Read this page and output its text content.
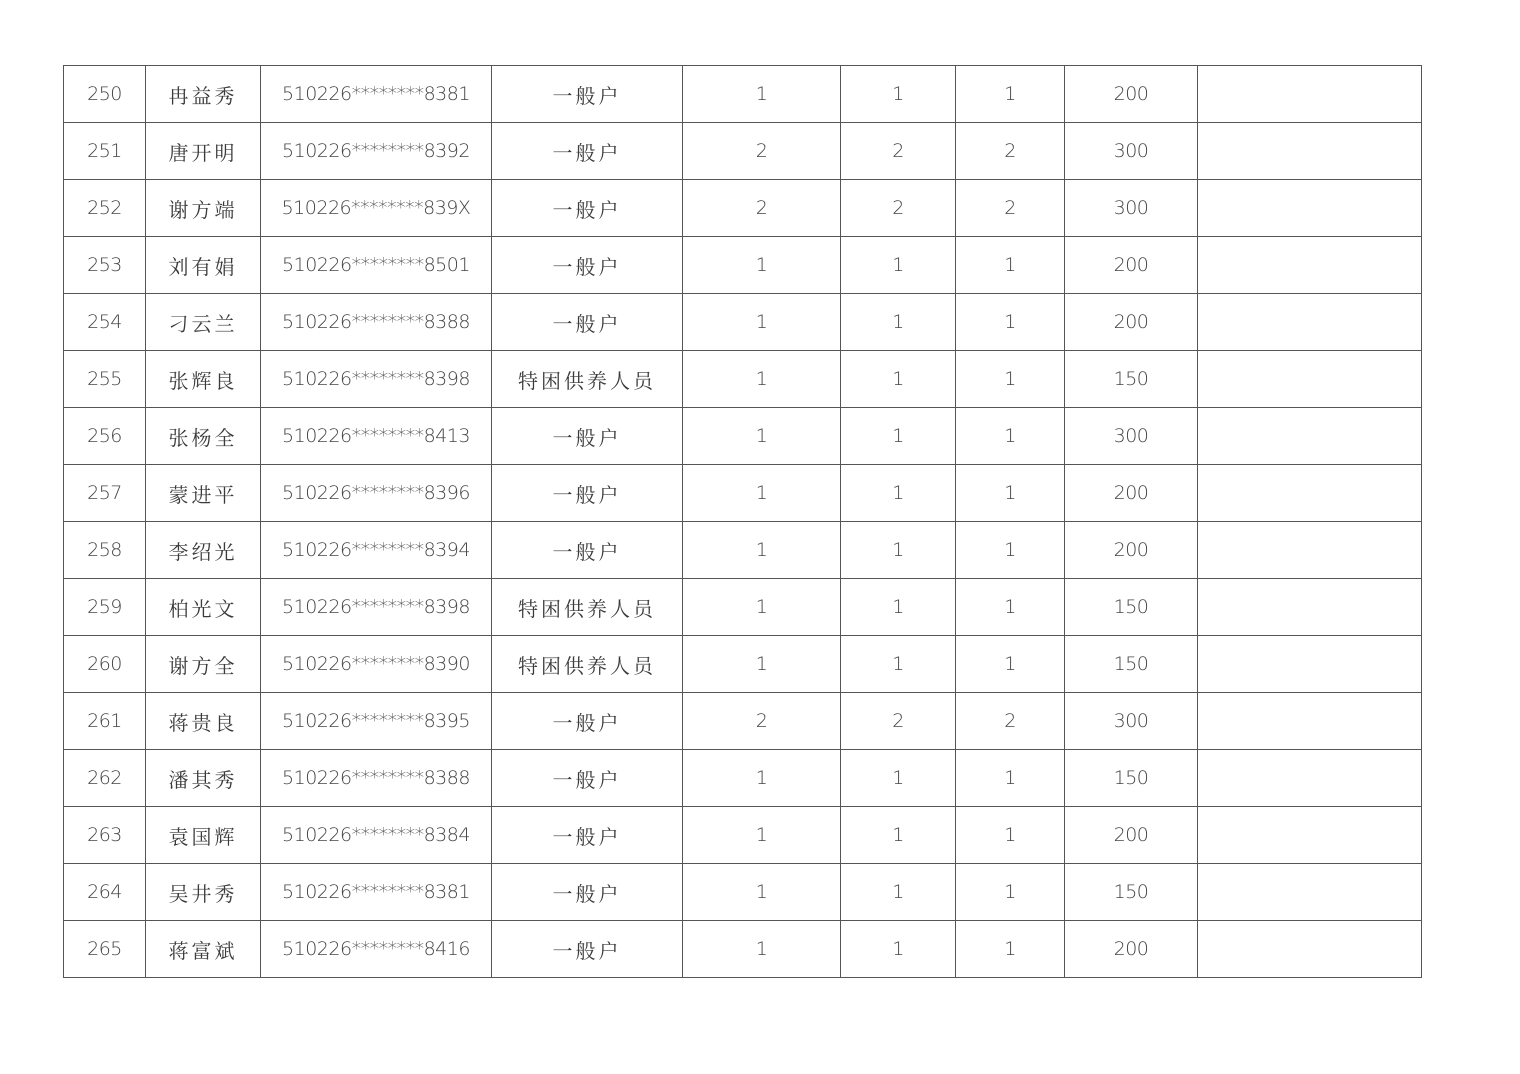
250	冉益秀	510226********8381	一般户	1	1	1	200	
251	唐开明	510226********8392	一般户	2	2	2	300	
252	谢方端	510226********839X	一般户	2	2	2	300	
253	刘有娟	510226********8501	一般户	1	1	1	200	
254	刁云兰	510226********8388	一般户	1	1	1	200	
255	张辉良	510226********8398	特困供养人员	1	1	1	150	
256	张杨全	510226********8413	一般户	1	1	1	300	
257	蒙进平	510226********8396	一般户	1	1	1	200	
258	李绍光	510226********8394	一般户	1	1	1	200	
259	柏光文	510226********8398	特困供养人员	1	1	1	150	
260	谢方全	510226********8390	特困供养人员	1	1	1	150	
261	蒋贵良	510226********8395	一般户	2	2	2	300	
262	潘其秀	510226********8388	一般户	1	1	1	150	
263	袁国辉	510226********8384	一般户	1	1	1	200	
264	吴井秀	510226********8381	一般户	1	1	1	150	
265	蒋富斌	510226********8416	一般户	1	1	1	200	
